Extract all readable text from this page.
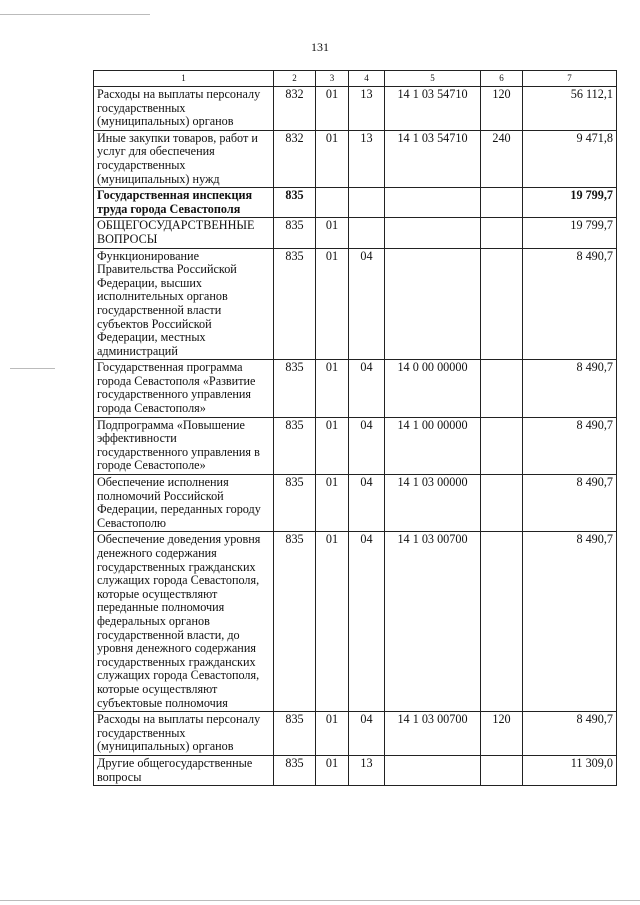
131
1	2	3	4	5	6	7
Расходы на выплаты персоналу государственных (муниципальных) органов	832	01	13	14 1 03 54710	120	56 112,1
Иные закупки товаров, работ и услуг для обеспечения государственных (муниципальных) нужд	832	01	13	14 1 03 54710	240	9 471,8
Государственная инспекция труда города Севастополя	835					19 799,7
ОБЩЕГОСУДАРСТВЕННЫЕ ВОПРОСЫ	835	01				19 799,7
Функционирование Правительства Российской Федерации, высших исполнительных органов государственной власти субъектов Российской Федерации, местных администраций	835	01	04			8 490,7
Государственная программа города Севастополя «Развитие государственного управления города Севастополя»	835	01	04	14 0 00 00000		8 490,7
Подпрограмма «Повышение эффективности государственного управления в городе Севастополе»	835	01	04	14 1 00 00000		8 490,7
Обеспечение исполнения полномочий Российской Федерации, переданных городу Севастополю	835	01	04	14 1 03 00000		8 490,7
Обеспечение доведения уровня денежного содержания государственных гражданских служащих города Севастополя, которые осуществляют переданные полномочия федеральных органов государственной власти, до уровня денежного содержания государственных гражданских служащих города Севастополя, которые осуществляют субъектовые полномочия	835	01	04	14 1 03 00700		8 490,7
Расходы на выплаты персоналу государственных (муниципальных) органов	835	01	04	14 1 03 00700	120	8 490,7
Другие общегосударственные вопросы	835	01	13			11 309,0
